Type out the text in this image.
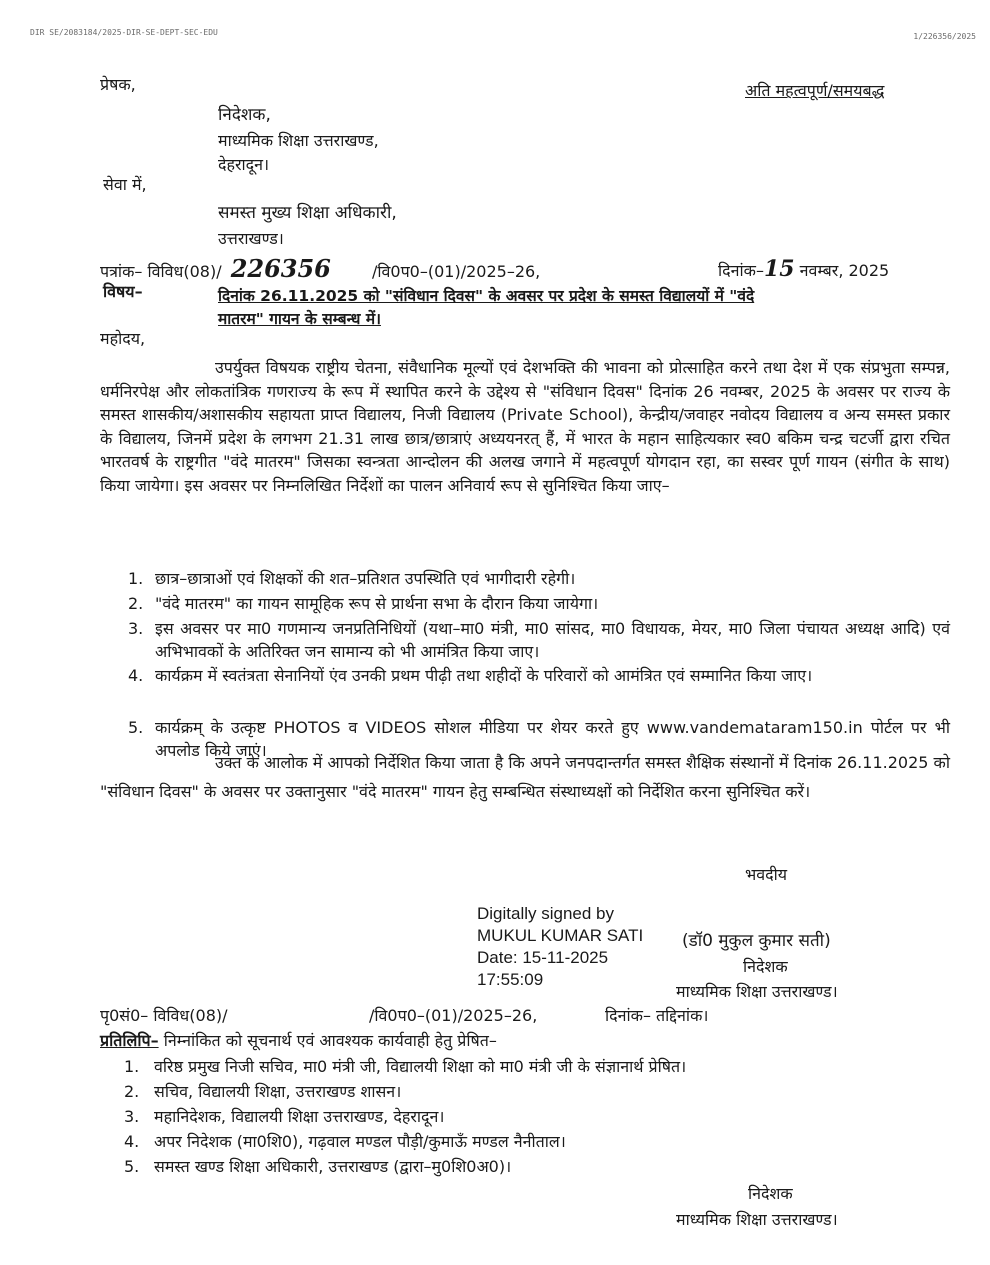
DIR SE/2083184/2025-DIR-SE-DEPT-SEC-EDU	1/226356/2025
प्रेषक,	अति महत्वपूर्ण/समयबद्ध
निदेशक,
माध्यमिक शिक्षा उत्तराखण्ड,
देहरादून।
सेवा में,
समस्त मुख्य शिक्षा अधिकारी,
उत्तराखण्ड।
पत्रांक– विविध(08)/ 226356	/वि0प0–(01)/2025–26,	दिनांक–15 नवम्बर, 2025
विषय–	दिनांक 26.11.2025 को "संविधान दिवस" के अवसर पर प्रदेश के समस्त विद्यालयों में "वंदे
मातरम" गायन के सम्बन्ध में।
महोदय,
उपर्युक्त विषयक राष्ट्रीय चेतना, संवैधानिक मूल्यों एवं देशभक्ति की भावना को प्रोत्साहित करने तथा देश में एक संप्रभुता सम्पन्न, धर्मनिरपेक्ष और लोकतांत्रिक गणराज्य के रूप में स्थापित करने के उद्देश्य से "संविधान दिवस" दिनांक 26 नवम्बर, 2025 के अवसर पर राज्य के समस्त शासकीय/अशासकीय सहायता प्राप्त विद्यालय, निजी विद्यालय (Private School), केन्द्रीय/जवाहर नवोदय विद्यालय व अन्य समस्त प्रकार के विद्यालय, जिनमें प्रदेश के लगभग 21.31 लाख छात्र/छात्राएं अध्ययनरत् हैं, में भारत के महान साहित्यकार स्व0 बकिम चन्द्र चटर्जी द्वारा रचित भारतवर्ष के राष्ट्रगीत "वंदे मातरम" जिसका स्वन्त्रता आन्दोलन की अलख जगाने में महत्वपूर्ण योगदान रहा, का सस्वर पूर्ण गायन (संगीत के साथ) किया जायेगा। इस अवसर पर निम्नलिखित निर्देशों का पालन अनिवार्य रूप से सुनिश्चित किया जाए–
1. छात्र–छात्राओं एवं शिक्षकों की शत–प्रतिशत उपस्थिति एवं भागीदारी रहेगी।
2. "वंदे मातरम" का गायन सामूहिक रूप से प्रार्थना सभा के दौरान किया जायेगा।
3. इस अवसर पर मा0 गणमान्य जनप्रतिनिधियों (यथा–मा0 मंत्री, मा0 सांसद, मा0 विधायक, मेयर, मा0 जिला पंचायत अध्यक्ष आदि) एवं अभिभावकों के अतिरिक्त जन सामान्य को भी आमंत्रित किया जाए।
4. कार्यक्रम में स्वतंत्रता सेनानियों एंव उनकी प्रथम पीढ़ी तथा शहीदों के परिवारों को आमंत्रित एवं सम्मानित किया जाए।
5. कार्यक्रम् के उत्कृष्ट PHOTOS व VIDEOS सोशल मीडिया पर शेयर करते हुए www.vandemataram150.in पोर्टल पर भी अपलोड किये जाएं।
उक्त के आलोक में आपको निर्देशित किया जाता है कि अपने जनपदान्तर्गत समस्त शैक्षिक संस्थानों में दिनांक 26.11.2025 को "संविधान दिवस" के अवसर पर उक्तानुसार "वंदे मातरम" गायन हेतु सम्बन्धित संस्थाध्यक्षों को निर्देशित करना सुनिश्चित करें।
भवदीय
Digitally signed by
MUKUL KUMAR SATI
Date: 15-11-2025
17:55:09
(डॉ0 मुकुल कुमार सती)
निदेशक
माध्यमिक शिक्षा उत्तराखण्ड।
पृ0सं0– विविध(08)/	/वि0प0–(01)/2025–26,	दिनांक– तद्दिनांक।
प्रतिलिपि– निम्नांकित को सूचनार्थ एवं आवश्यक कार्यवाही हेतु प्रेषित–
1. वरिष्ठ प्रमुख निजी सचिव, मा0 मंत्री जी, विद्यालयी शिक्षा को मा0 मंत्री जी के संज्ञानार्थ प्रेषित।
2. सचिव, विद्यालयी शिक्षा, उत्तराखण्ड शासन।
3. महानिदेशक, विद्यालयी शिक्षा उत्तराखण्ड, देहरादून।
4. अपर निदेशक (मा0शि0), गढ़वाल मण्डल पौड़ी/कुमाऊँ मण्डल नैनीताल।
5. समस्त खण्ड शिक्षा अधिकारी, उत्तराखण्ड (द्वारा–मु0शि0अ0)।
निदेशक
माध्यमिक शिक्षा उत्तराखण्ड।
